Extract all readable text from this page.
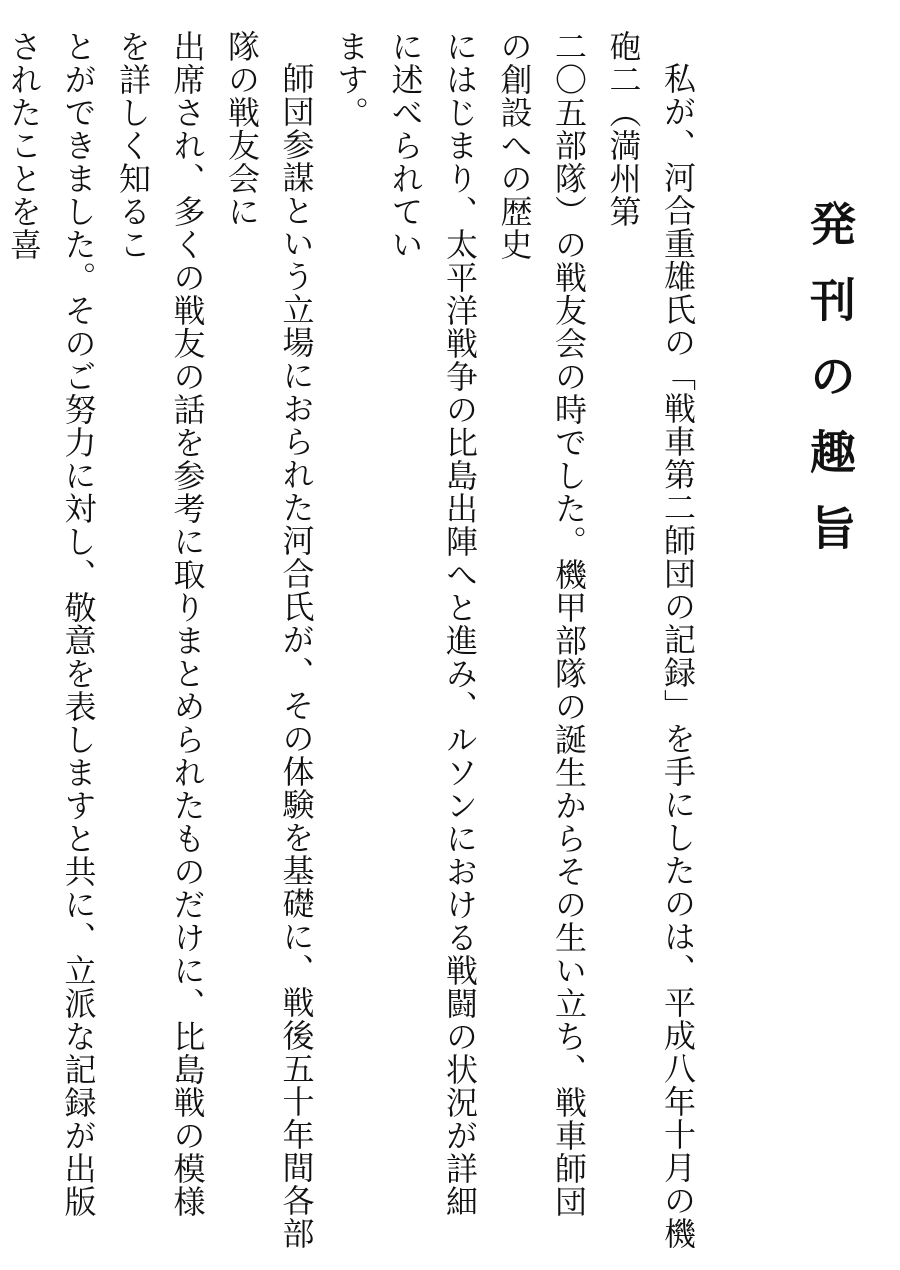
発刊の趣旨

私が、河合重雄氏の「戦車第二師団の記録」を手にしたのは、平成八年十月の機砲二（満州第

二〇五部隊）の戦友会の時でした。機甲部隊の誕生からその生い立ち、戦車師団の創設への歴史

にはじまり、太平洋戦争の比島出陣へと進み、ルソンにおける戦闘の状況が詳細に述べられてい

ます。

師団参謀という立場におられた河合氏が、その体験を基礎に、戦後五十年間各部隊の戦友会に

出席され、多くの戦友の話を参考に取りまとめられたものだけに、比島戦の模様を詳しく知るこ

とができました。そのご努力に対し、敬意を表しますと共に、立派な記録が出版されたことを喜
